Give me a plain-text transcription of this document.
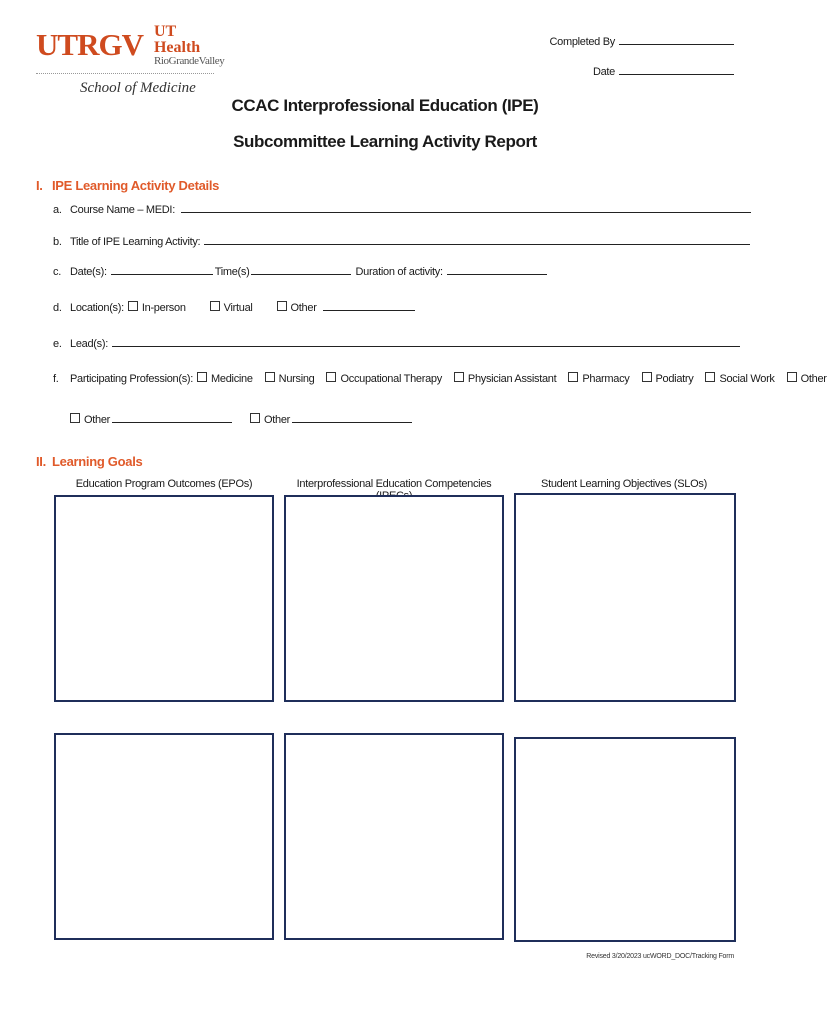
UTRGV UT Health
RioGrandeValley
School of Medicine
Completed By
Date
CCAC Interprofessional Education (IPE)
Subcommittee Learning Activity Report
I. IPE Learning Activity Details
a. Course Name – MEDI:
b. Title of IPE Learning Activity:
c. Date(s):	Time(s)	Duration of activity:
d. Location(s): In-person	Virtual	Other
e. Lead(s):
f.	Participating Profession(s): Medicine Nursing Occupational Therapy Physician Assistant Pharmacy Podiatry Social Work Other
Other	Other
II. Learning Goals
Education Program Outcomes (EPOs)	Interprofessional Education Competencies	Student Learning Objectives (SLOs)
Revised 3/20/2023 ucWORD_DOC/Tracking Form
